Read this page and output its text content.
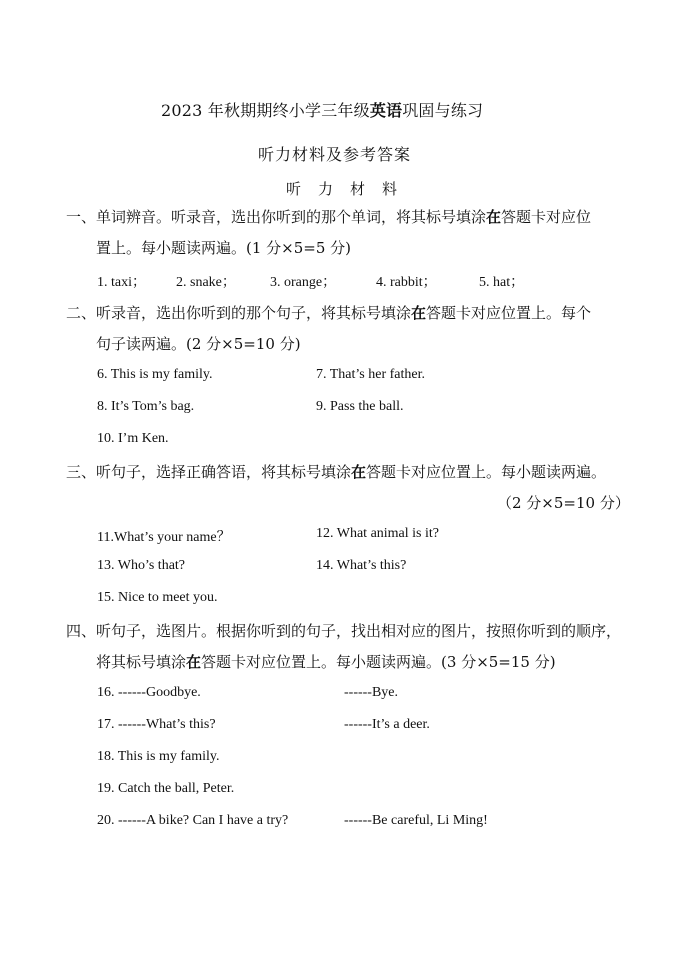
2023 年秋期期终小学三年级英语巩固与练习
听力材料及参考答案
听　力　材　料
一、单词辨音。听录音，选出你听到的那个单词，将其标号填涂在答题卡对应位
置上。每小题读两遍。(1 分×5=5 分)
1. taxi； 2. snake； 3. orange；	4. rabbit；	5. hat；
二、听录音，选出你听到的那个句子，将其标号填涂在答题卡对应位置上。每个
句子读两遍。(2 分×5=10 分)
6. This is my family.	7. That’s her father.
8. It’s Tom’s bag.	9. Pass the ball.
10. I’m Ken.
三、听句子，选择正确答语，将其标号填涂在答题卡对应位置上。每小题读两遍。
（2 分×5=10 分）
11.What’s your name？	12. What animal is it?
13. Who’s that?	14. What’s this?
15. Nice to meet you.
四、听句子，选图片。根据你听到的句子，找出相对应的图片，按照你听到的顺序，
将其标号填涂在答题卡对应位置上。每小题读两遍。(3 分×5=15 分)
16. ------Goodbye.	------Bye.
17. ------What’s this?	------It’s a deer.
18. This is my family.
19. Catch the ball, Peter.
20. ------A bike? Can I have a try?	------Be careful, Li Ming!
